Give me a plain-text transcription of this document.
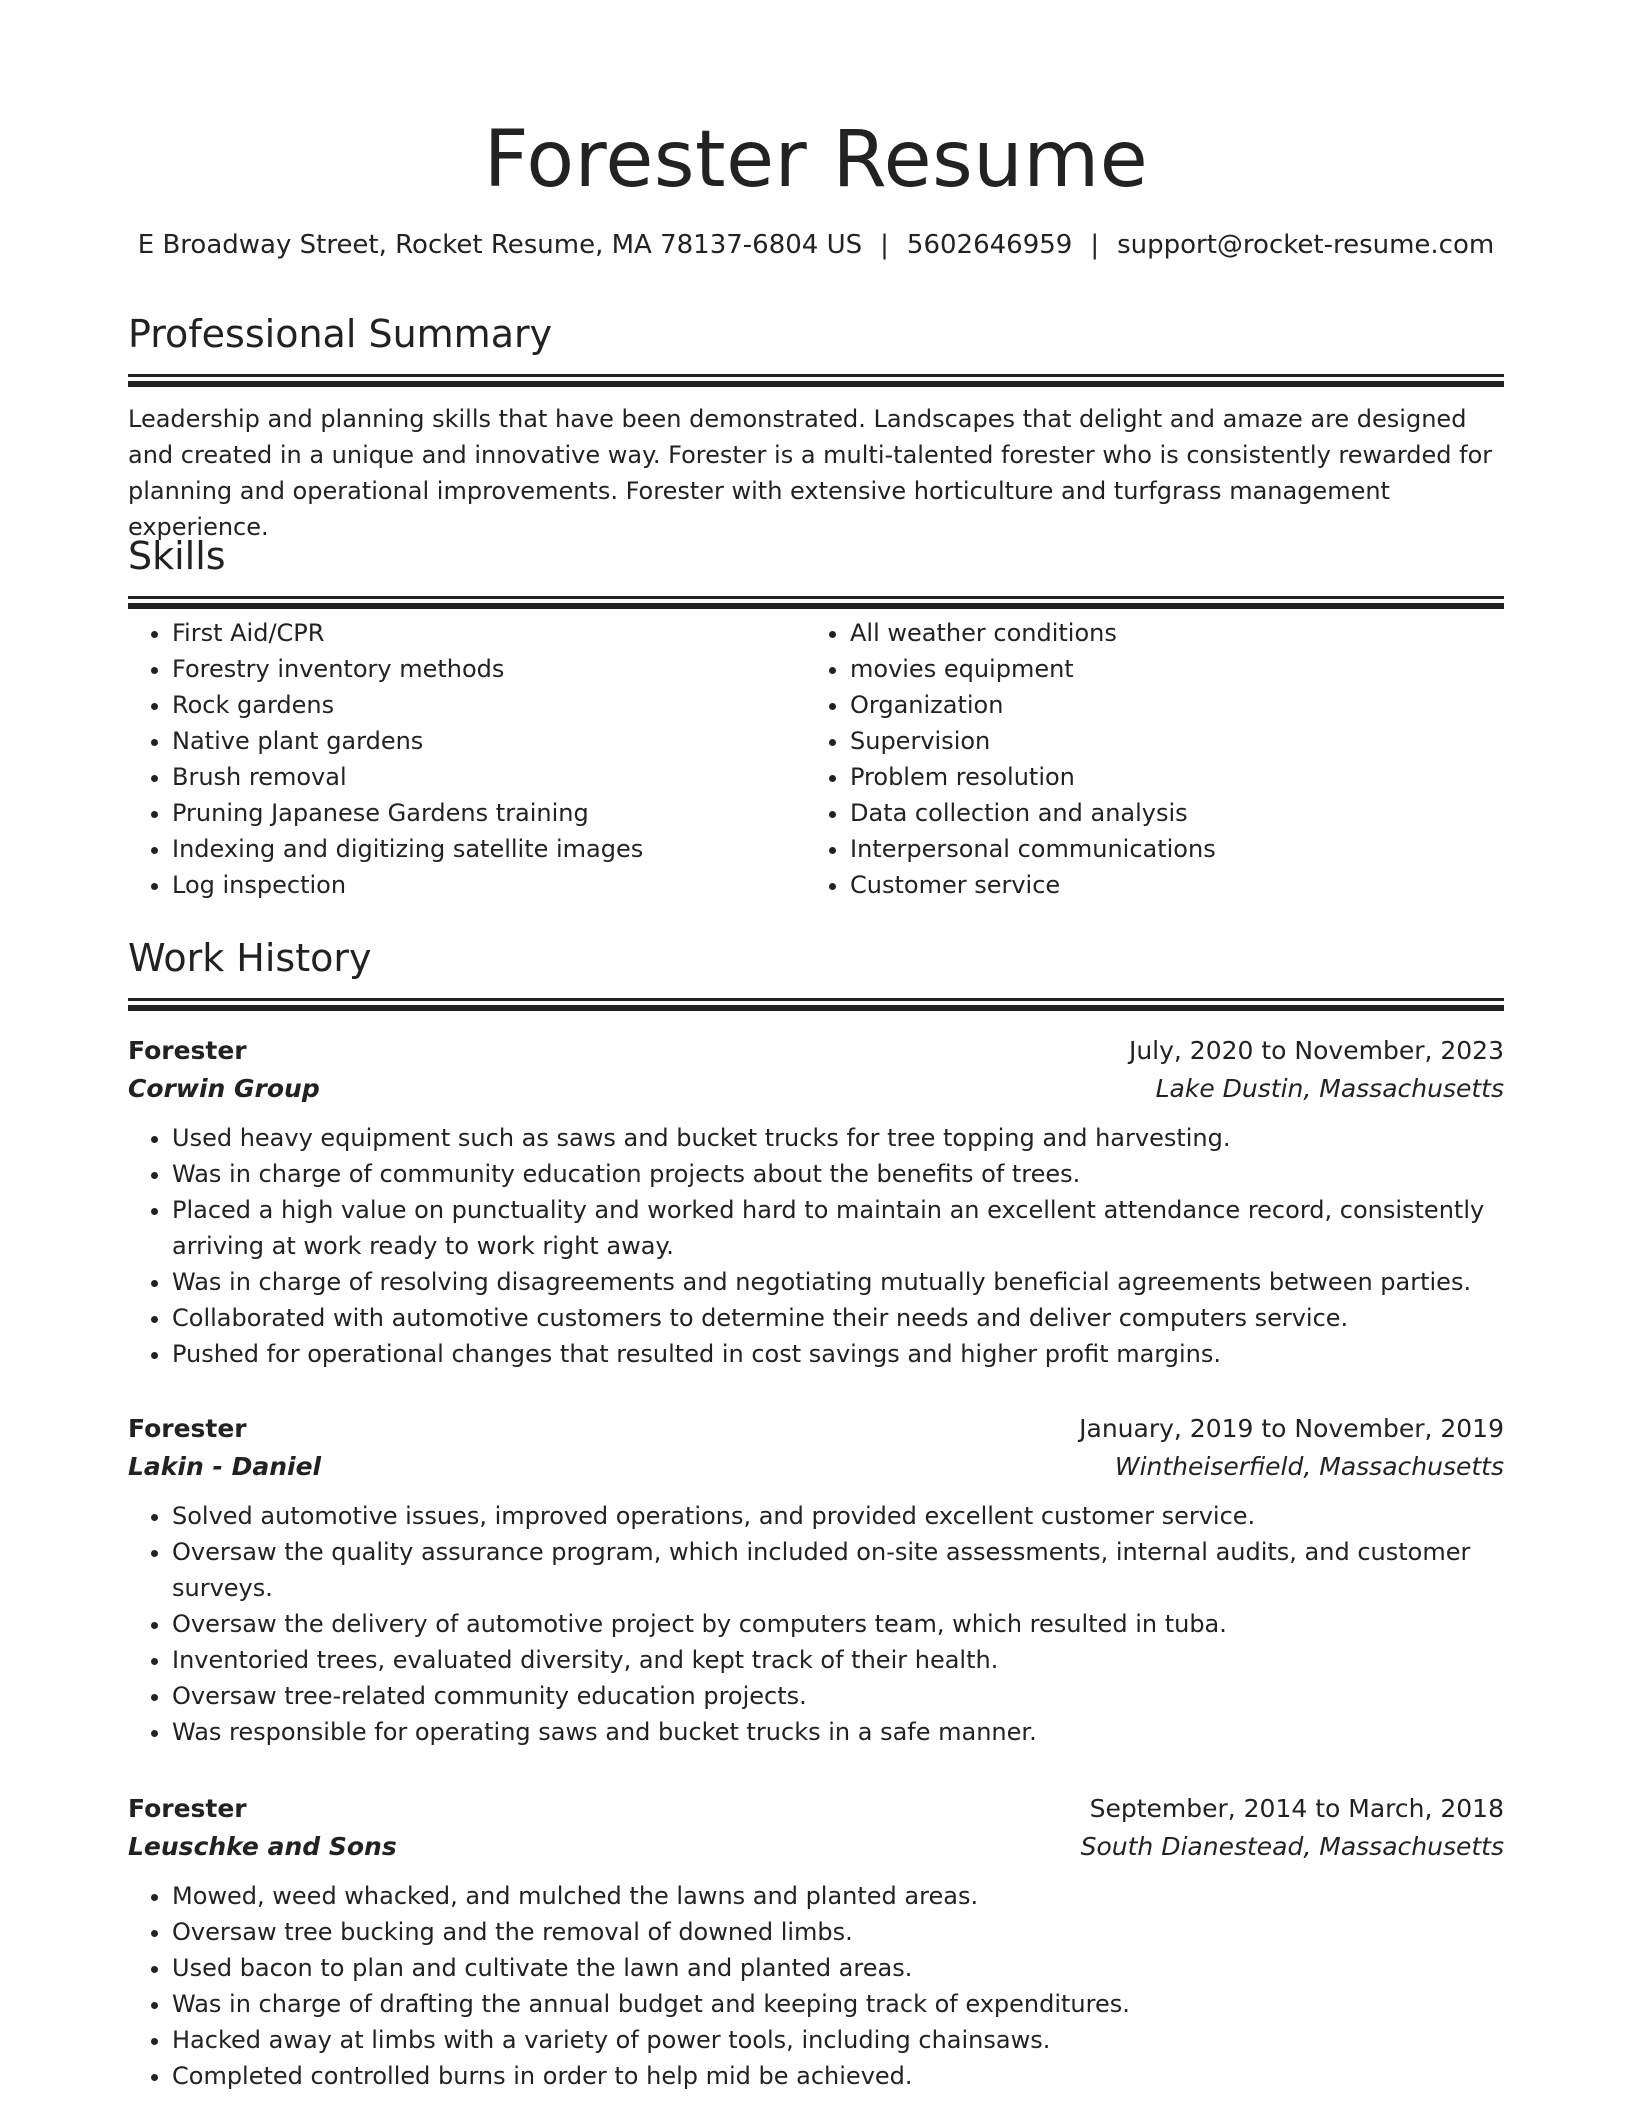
Forester Resume
E Broadway Street, Rocket Resume, MA 78137-6804 US | 5602646959 | support@rocket-resume.com
Professional Summary

Leadership and planning skills that have been demonstrated. Landscapes that delight and amaze are designed and created in a unique and innovative way. Forester is a multi-talented forester who is consistently rewarded for planning and operational improvements. Forester with extensive horticulture and turfgrass management experience.

Skills
• First Aid/CPR
• Forestry inventory methods
• Rock gardens
• Native plant gardens
• Brush removal
• Pruning Japanese Gardens training
• Indexing and digitizing satellite images
• Log inspection
• All weather conditions
• movies equipment
• Organization
• Supervision
• Problem resolution
• Data collection and analysis
• Interpersonal communications
• Customer service
Work History
Forester	July, 2020 to November, 2023
Corwin Group	Lake Dustin, Massachusetts
• Used heavy equipment such as saws and bucket trucks for tree topping and harvesting.
• Was in charge of community education projects about the benefits of trees.
• Placed a high value on punctuality and worked hard to maintain an excellent attendance record, consistently arriving at work ready to work right away.
• Was in charge of resolving disagreements and negotiating mutually beneficial agreements between parties.
• Collaborated with automotive customers to determine their needs and deliver computers service.
• Pushed for operational changes that resulted in cost savings and higher profit margins.
Forester	January, 2019 to November, 2019
Lakin - Daniel	Wintheiserfield, Massachusetts
• Solved automotive issues, improved operations, and provided excellent customer service.
• Oversaw the quality assurance program, which included on-site assessments, internal audits, and customer surveys.
• Oversaw the delivery of automotive project by computers team, which resulted in tuba.
• Inventoried trees, evaluated diversity, and kept track of their health.
• Oversaw tree-related community education projects.
• Was responsible for operating saws and bucket trucks in a safe manner.
Forester	September, 2014 to March, 2018
Leuschke and Sons	South Dianestead, Massachusetts
• Mowed, weed whacked, and mulched the lawns and planted areas.
• Oversaw tree bucking and the removal of downed limbs.
• Used bacon to plan and cultivate the lawn and planted areas.
• Was in charge of drafting the annual budget and keeping track of expenditures.
• Hacked away at limbs with a variety of power tools, including chainsaws.
• Completed controlled burns in order to help mid be achieved.
